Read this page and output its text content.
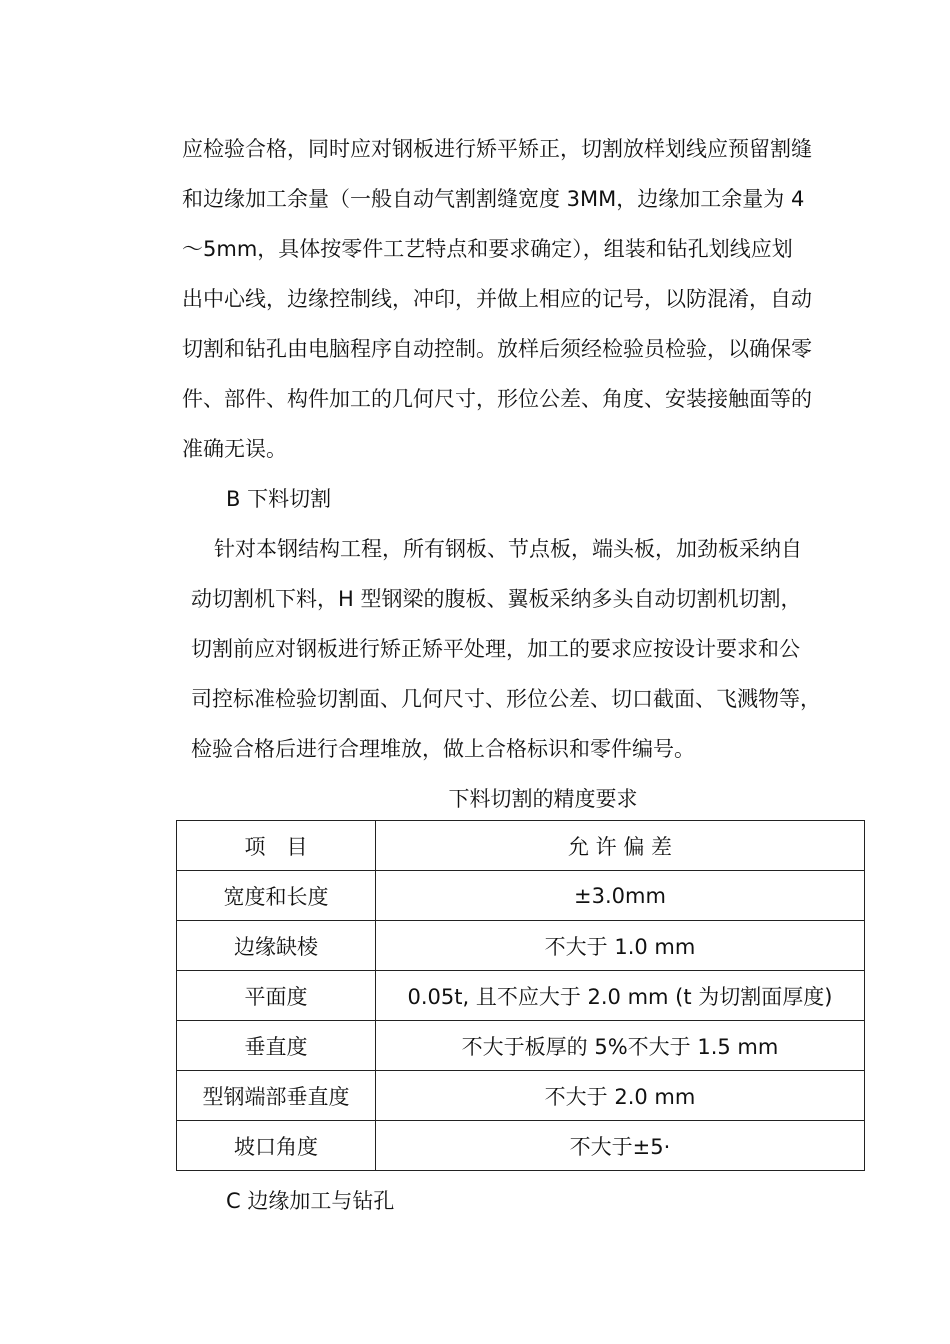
应检验合格，同时应对钢板进行矫平矫正，切割放样划线应预留割缝
和边缘加工余量（一般自动气割割缝宽度 3MM，边缘加工余量为 4
～5mm，具体按零件工艺特点和要求确定），组装和钻孔划线应划
出中心线，边缘控制线，冲印，并做上相应的记号，以防混淆，自动
切割和钻孔由电脑程序自动控制。放样后须经检验员检验，以确保零
件、部件、构件加工的几何尺寸，形位公差、角度、安装接触面等的
准确无误。
B 下料切割
针对本钢结构工程，所有钢板、节点板，端头板，加劲板采纳自
动切割机下料，H 型钢梁的腹板、翼板采纳多头自动切割机切割，
切割前应对钢板进行矫正矫平处理，加工的要求应按设计要求和公
司控标准检验切割面、几何尺寸、形位公差、切口截面、飞溅物等，
检验合格后进行合理堆放，做上合格标识和零件编号。
下料切割的精度要求
项　目	允 许 偏 差
宽度和长度	±3.0mm
边缘缺棱	不大于 1.0 mm
平面度	0.05t, 且不应大于 2.0 mm (t 为切割面厚度)
垂直度	不大于板厚的 5%不大于 1.5 mm
型钢端部垂直度	不大于 2.0 mm
坡口角度	不大于±5·
C 边缘加工与钻孔
